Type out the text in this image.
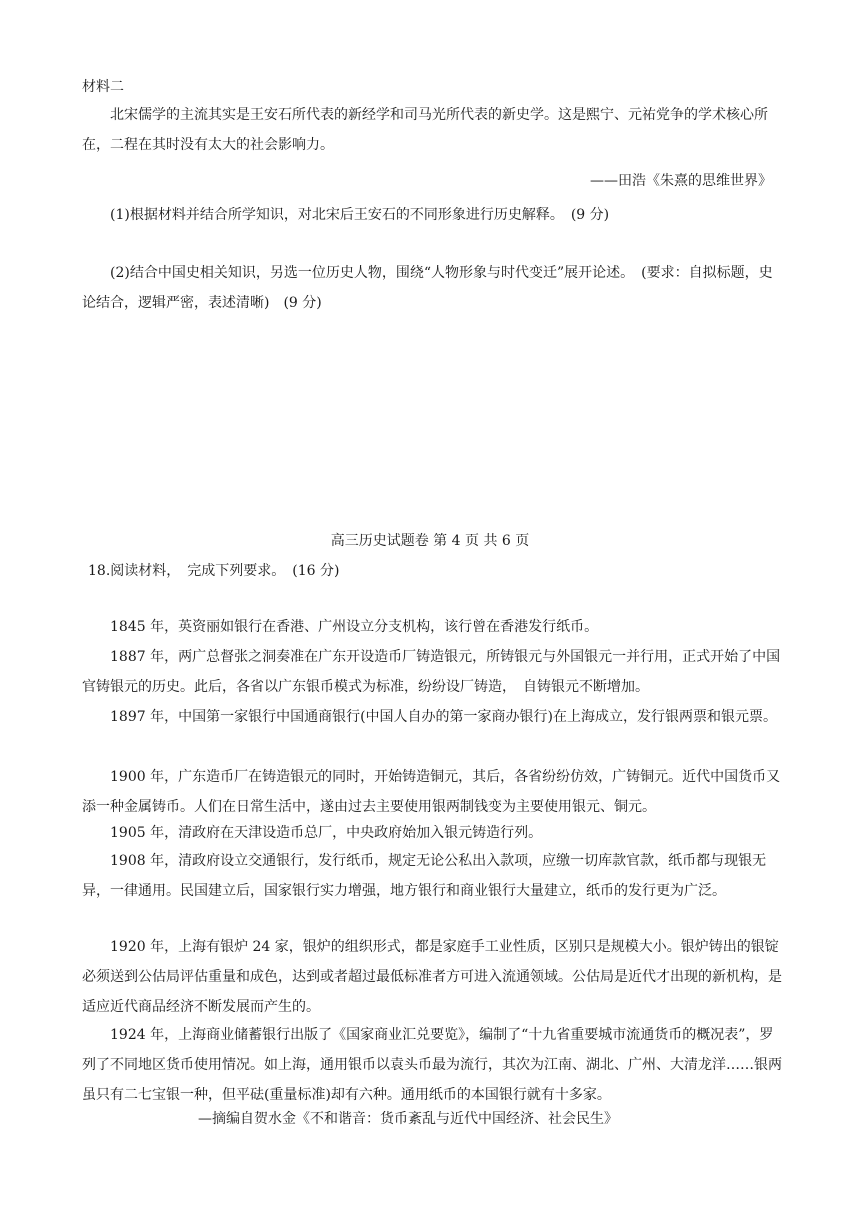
材料二
北宋儒学的主流其实是王安石所代表的新经学和司马光所代表的新史学。这是熙宁、元祐党争的学术核心所在，二程在其时没有太大的社会影响力。
——田浩《朱熹的思维世界》
(1)根据材料并结合所学知识，对北宋后王安石的不同形象进行历史解释。　(9 分)
(2)结合中国史相关知识，另选一位历史人物，围绕“人物形象与时代变迁”展开论述。　(要求：自拟标题，史论结合，逻辑严密，表述清晰)　(9 分)
高三历史试题卷 第 4 页 共 6 页
18.阅读材料，　完成下列要求。　(16 分)
1845 年，英资丽如银行在香港、广州设立分支机构，该行曾在香港发行纸币。
1887 年，两广总督张之洞奏准在广东开设造币厂铸造银元，所铸银元与外国银元一并行用，正式开始了中国官铸银元的历史。此后，各省以广东银币模式为标准，纷纷设厂铸造，　自铸银元不断增加。
1897 年，中国第一家银行中国通商银行(中国人自办的第一家商办银行)在上海成立，发行银两票和银元票。
1900 年，广东造币厂在铸造银元的同时，开始铸造铜元，其后，各省纷纷仿效，广铸铜元。近代中国货币又添一种金属铸币。人们在日常生活中，遂由过去主要使用银两制钱变为主要使用银元、铜元。
1905 年，清政府在天津设造币总厂，中央政府始加入银元铸造行列。
1908 年，清政府设立交通银行，发行纸币，规定无论公私出入款项，应缴一切库款官款，纸币都与现银无异，一律通用。民国建立后，国家银行实力增强，地方银行和商业银行大量建立，纸币的发行更为广泛。
1920 年，上海有银炉 24 家，银炉的组织形式，都是家庭手工业性质，区别只是规模大小。银炉铸出的银锭必须送到公估局评估重量和成色，达到或者超过最低标准者方可进入流通领域。公估局是近代才出现的新机构，是适应近代商品经济不断发展而产生的。
1924 年，上海商业储蓄银行出版了《国家商业汇兑要览》，编制了“十九省重要城市流通货币的概况表”，罗列了不同地区货币使用情况。如上海，通用银币以袁头币最为流行，其次为江南、湖北、广州、大清龙洋……银两虽只有二七宝银一种，但平砝(重量标准)却有六种。通用纸币的本国银行就有十多家。
—摘编自贺水金《不和谐音：货币紊乱与近代中国经济、社会民生》
